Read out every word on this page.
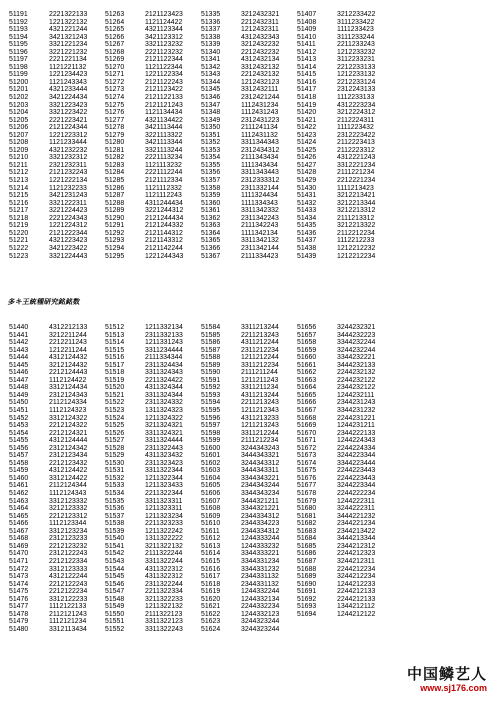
51191
51192
51193
51194
51195
51196
51197
51198
51199
51200
51201
51202
51203
51204
51205
51206
51207
51208
51209
51210
51211
51212
51213
51214
51215
51216
51217
51218
51219
51220
51221
51222
51223
2221322133
1221322132
4321221244
3421321243
3321221234
3221221232
2221221134
1121221132
1221234423
1121243343
4321233444
3421224434
3321223423
3321223422
2221223421
2121224344
1221223312
1121233444
4321232232
3321232312
2321232311
2121232243
1221222134
1121232233
3421231243
3321222311
3221224423
2221224343
1221224312
2121222344
4321223423
3421223422
3321224443
51263
51264
51265
51266
51267
51268
51269
51270
51271
51272
51273
51274
51275
51276
51277
51278
51279
51280
51281
51282
51283
51284
51285
51286
51287
51288
51289
51290
51291
51292
51293
51294
51295
2121123423
1121124422
4321123344
3421123312
3321123232
2221123232
2121122344
1121122344
1221122334
2121122243
2121123422
2121122133
2121121243
1121134434
4321134422
3421113444
3221113322
3421113344
3321113244
2221113234
1121113232
2221112244
2121112334
1121112332
1121112243
4311244434
3221244312
2121244434
2121244332
2121144312
2121143312
2121142244
1221244343
51335
51336
51337
51338
51339
51340
51341
51342
51343
51344
51345
51346
51347
51348
51349
51350
51351
51352
51353
51354
51355
51356
51357
51358
51359
51360
51361
51362
51363
51364
51365
51366
51367
3212432321
2212432311
1212432311
4312432343
3212432232
2212432232
4312432134
3312432132
2212432132
1212432123
3312432111
2312421244
1112431234
1112431243
2312431223
2111241134
1112431132
3311344343
2312434312
2111343434
1111343434
3311343443
2312333312
2311332144
1111324434
1111334343
3311342332
2311342243
2111342243
1111342134
3311342132
2311342144
2111334423
51407
51408
51409
51410
51411
51412
51413
51414
51415
51416
51417
51418
51419
51420
51421
51422
51423
51424
51425
51426
51427
51428
51429
51430
51431
51432
51433
51434
51435
51436
51437
51438
51439
3212233422
3111233422
1111233423
3111233244
2211233243
1212233232
3112233231
2212233133
1212233132
2212233124
2312243133
1112233133
4312223234
3212224312
2112224311
1111223432
2312223422
2112223413
2112223312
4312221243
3312221234
2111221234
2212221234
1111213423
3212213421
3212213344
3212213312
2111213312
3212213322
2112212234
1112212233
1212212232
1212212234
多キ王統種研究銘銘数
51440
51441
51442
51443
51444
51445
51446
51447
51448
51449
51450
51451
51452
51453
51454
51455
51456
51457
51458
51459
51460
51461
51462
51463
51464
51465
51466
51467
51468
51469
51470
51471
51472
51473
51474
51475
51476
51477
51478
51479
51480
4312212133
3212211244
2212211243
1212211244
4312124432
3212124432
2212124443
1112124422
3312124434
2312124343
2112124334
1112124323
3312124322
2212124322
2212124321
4312124444
2312124342
2312123434
2212123432
4312124422
3312124422
2112124344
1112124343
3312123332
3212123332
2212123312
1112123344
3312123234
2312123233
2212123232
2312122243
2212122334
3312123333
4312122244
2212122243
2212122234
3312122233
1112122133
2112121243
1112121234
3312113434
51512
51513
51514
51515
51516
51517
51518
51519
51520
51521
51522
51523
51524
51525
51526
51527
51528
51529
51530
51531
51532
51533
51534
51535
51536
51537
51538
51539
51540
51541
51542
51543
51544
51545
51546
51547
51548
51549
51550
51551
51552
1211332134
2311332133
1211331243
3311234444
2111334344
2311324434
3311324343
2211324422
4311324344
3311324344
2311324332
1311324323
1211324322
3211324321
3311324321
3311324444
2311322443
4311323432
2311323423
3311322344
1211322344
1211323433
2211322344
3311323311
1211323311
1211323234
2211323233
1211322242
1311322222
3211322132
2111322244
3311322244
4311322312
4311322312
2311322244
2211322334
3211322233
1211322132
2111322123
3311322123
3311322243
51584
51585
51586
51587
51588
51589
51590
51591
51592
51593
51594
51595
51596
51597
51598
51599
51600
51601
51602
51603
51604
51605
51606
51607
51608
51609
51610
51611
51612
51613
51614
51615
51616
51617
51618
51619
51620
51621
51622
51623
51624
3311213244
2211213243
4311212244
2311212234
1211212244
3311212234
2111211244
1211211243
3311211234
4311213244
2211213243
1211212343
4311213233
1211213243
3311212244
2111212234
3244343243
3444343321
3244343312
3444343311
3344343221
2344343244
3344343234
3444321211
3344321221
2344334312
2344334223
2344334312
1244333244
1244333232
3344333221
3344331234
3344331232
2344331132
2344331132
1244332244
1244332134
2244332234
1244332123
3244323244
3244323244
51656
51657
51658
51659
51660
51661
51662
51663
51664
51665
51666
51667
51668
51669
51670
51671
51672
51673
51674
51675
51676
51677
51678
51679
51680
51681
51682
51683
51684
51685
51686
51687
51688
51689
51690
51691
51692
51693
51694
3244232321
3444232223
3344232244
3244232244
3344232221
3444232133
2244232132
2244232122
2344232122
1244232111
2344231243
3344231232
2244231221
1244231211
2344222133
1244224343
2244224334
3244223344
3344223444
2244223443
2244223443
3244223344
2244222234
1244222311
3244222311
3444221232
2344221234
2344213422
3444213344
2344212312
2244212323
3244212311
2244212234
3244212234
1244212233
2244212133
2244212133
1344212112
1244212122
中国鳞艺人
www.sj176.com
